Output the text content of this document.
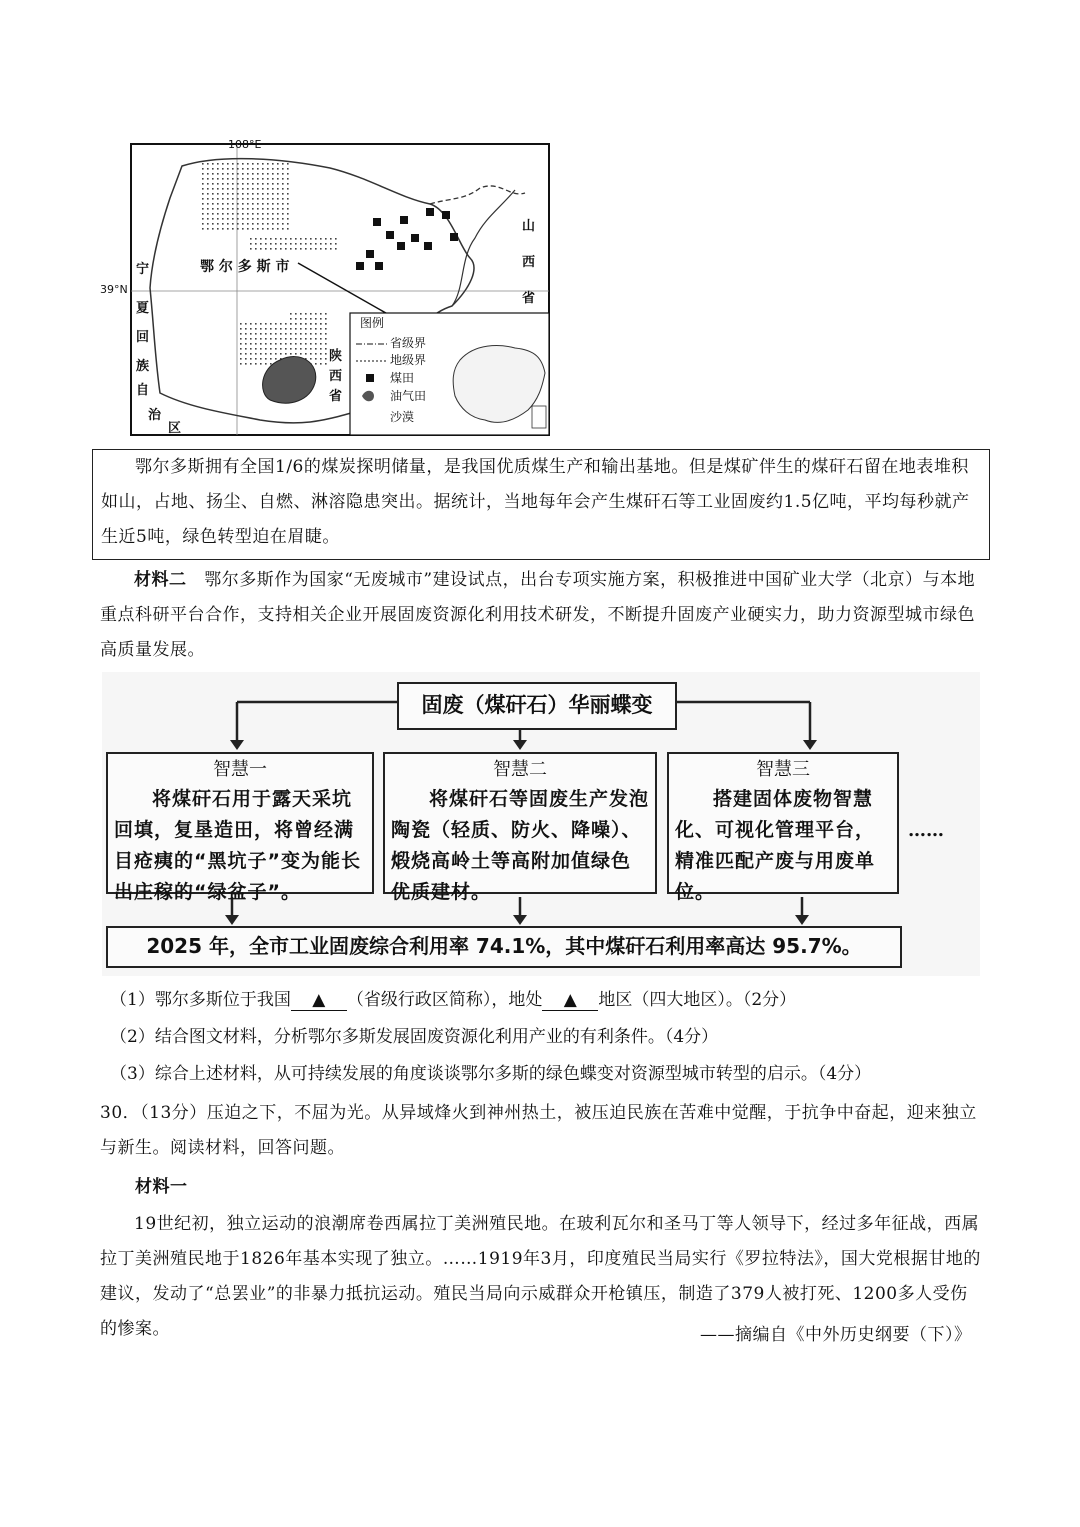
108°E
鄂 尔 多 斯 市
图例
省级界
地级界
煤田
油气田
沙漠
宁
夏
回
族
自
治
区
山
西
省
陕
西
省
39°N
鄂尔多斯拥有全国1/6的煤炭探明储量，是我国优质煤生产和输出基地。但是煤矿伴生的煤矸石留在地表堆积如山，占地、扬尘、自燃、淋溶隐患突出。据统计，当地每年会产生煤矸石等工业固废约1.5亿吨，平均每秒就产生近5吨，绿色转型迫在眉睫。
材料二 鄂尔多斯作为国家“无废城市”建设试点，出台专项实施方案，积极推进中国矿业大学（北京）与本地重点科研平台合作，支持相关企业开展固废资源化利用技术研发，不断提升固废产业硬实力，助力资源型城市绿色高质量发展。
固废（煤矸石）华丽蝶变
智慧一
将煤矸石用于露天采坑回填，复垦造田，将曾经满目疮痍的“黑坑子”变为能长出庄稼的“绿盆子”。
智慧二
将煤矸石等固废生产发泡陶瓷（轻质、防火、降噪）、煅烧高岭土等高附加值绿色优质建材。
智慧三
搭建固体废物智慧化、可视化管理平台，精准匹配产废与用废单位。
……
2025 年，全市工业固废综合利用率 74.1%，其中煤矸石利用率高达 95.7%。
（1）鄂尔多斯位于我国 ▲ （省级行政区简称），地处 ▲ 地区（四大地区）。（2分）
（2）结合图文材料，分析鄂尔多斯发展固废资源化利用产业的有利条件。（4分）
（3）综合上述材料，从可持续发展的角度谈谈鄂尔多斯的绿色蝶变对资源型城市转型的启示。（4分）
30．（13分）压迫之下，不屈为光。从异域烽火到神州热土，被压迫民族在苦难中觉醒，于抗争中奋起，迎来独立与新生。阅读材料，回答问题。
材料一
19世纪初，独立运动的浪潮席卷西属拉丁美洲殖民地。在玻利瓦尔和圣马丁等人领导下，经过多年征战，西属拉丁美洲殖民地于1826年基本实现了独立。……1919年3月，印度殖民当局实行《罗拉特法》，国大党根据甘地的建议，发动了“总罢业”的非暴力抵抗运动。殖民当局向示威群众开枪镇压，制造了379人被打死、1200多人受伤的惨案。	——摘编自《中外历史纲要（下）》
